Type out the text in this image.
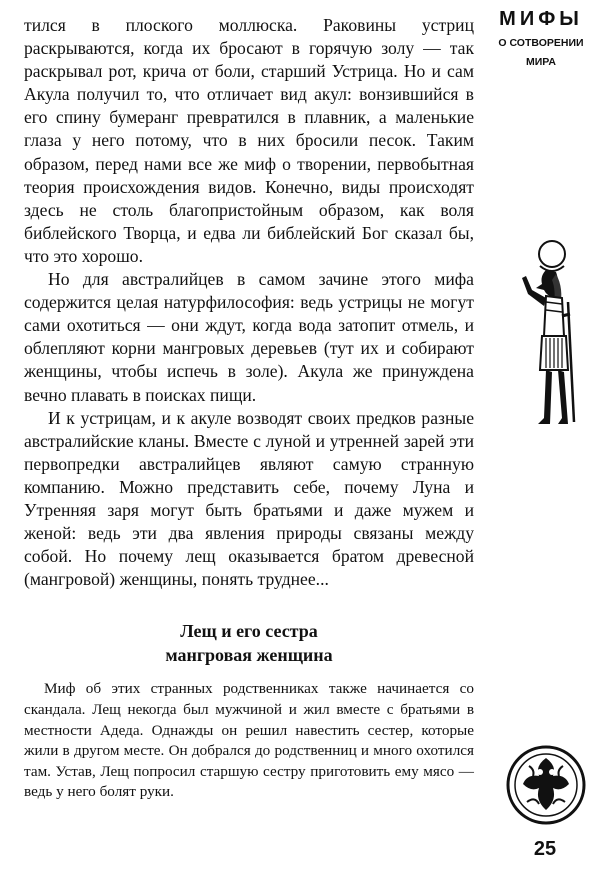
МИФЫ
О СОТВОРЕНИИ
МИРА

тился в плоского моллюска. Раковины устриц раскрываются, когда их бросают в горячую золу — так раскрывал рот, крича от боли, старший Устрица. Но и сам Акула получил то, что отличает вид акул: вонзившийся в его спину бумеранг превратился в плавник, а маленькие глаза у него потому, что в них бросили песок. Таким образом, перед нами все же миф о творении, первобытная теория происхождения видов. Конечно, виды происходят здесь не столь благопристойным образом, как воля библейского Творца, и едва ли библейский Бог сказал бы, что это хорошо.

Но для австралийцев в самом зачине этого мифа содержится целая натурфилософия: ведь устрицы не могут сами охотиться — они ждут, когда вода затопит отмель, и облепляют корни мангровых деревьев (тут их и собирают женщины, чтобы испечь в золе). Акула же принуждена вечно плавать в поисках пищи.

И к устрицам, и к акуле возводят своих предков разные австралийские кланы. Вместе с луной и утренней зарей эти первопредки австралийцев являют самую странную компанию. Можно представить себе, почему Луна и Утренняя заря могут быть братьями и даже мужем и женой: ведь эти два явления природы связаны между собой. Но почему лещ оказывается братом древесной (мангровой) женщины, понять труднее...

Лещ и его сестра
мангровая женщина

Миф об этих странных родственниках также начинается со скандала. Лещ некогда был мужчиной и жил вместе с братьями в местности Адеда. Однажды он решил навестить сестер, которые жили в другом месте. Он добрался до родственниц и много охотился там. Устав, Лещ попросил старшую сестру приготовить ему мясо — ведь у него болят руки.

25
